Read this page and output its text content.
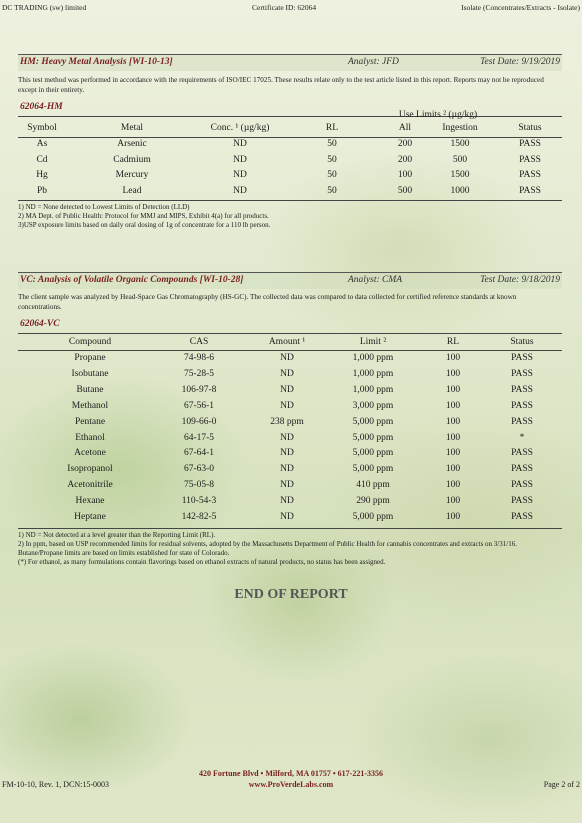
DC TRADING (sw) limited	Certificate ID: 62064	Isolate (Concentrates/Extracts - Isolate)
HM: Heavy Metal Analysis [WI-10-13]	Analyst: JFD	Test Date: 9/19/2019
This test method was performed in accordance with the requirements of ISO/IEC 17025. These results relate only to the test article listed in this report. Reports may not be reproduced except in their entirety.
62064-HM
Use Limits ² (µg/kg)
Symbol	Metal	Conc. ¹ (µg/kg)	RL	All	Ingestion	Status
As	Arsenic	ND	50	200	1500	PASS
Cd	Cadmium	ND	50	200	500	PASS
Hg	Mercury	ND	50	100	1500	PASS
Pb	Lead	ND	50	500	1000	PASS
1) ND = None detected to Lowest Limits of Detection (LLD)
2) MA Dept. of Public Health: Protocol for MMJ and MIPS, Exhibit 4(a) for all products.
3)USP exposure limits based on daily oral dosing of 1g of concentrate for a 110 lb person.
VC: Analysis of Volatile Organic Compounds [WI-10-28]	Analyst: CMA	Test Date: 9/18/2019
The client sample was analyzed by Head-Space Gas Chromatography (HS-GC). The collected data was compared to data collected for certified reference standards at known concentrations.
62064-VC
Compound	CAS	Amount ¹	Limit ²	RL	Status
Propane	74-98-6	ND	1,000 ppm	100	PASS
Isobutane	75-28-5	ND	1,000 ppm	100	PASS
Butane	106-97-8	ND	1,000 ppm	100	PASS
Methanol	67-56-1	ND	3,000 ppm	100	PASS
Pentane	109-66-0	238 ppm	5,000 ppm	100	PASS
Ethanol	64-17-5	ND	5,000 ppm	100	*
Acetone	67-64-1	ND	5,000 ppm	100	PASS
Isopropanol	67-63-0	ND	5,000 ppm	100	PASS
Acetonitrile	75-05-8	ND	410 ppm	100	PASS
Hexane	110-54-3	ND	290 ppm	100	PASS
Heptane	142-82-5	ND	5,000 ppm	100	PASS
1) ND = Not detected at a level greater than the Reporting Limit (RL).
2) In ppm, based on USP recommended limits for residual solvents, adopted by the Massachusetts Department of Public Health for cannabis concentrates and extracts on 3/31/16. Butane/Propane limits are based on limits established for state of Colorado.
(*) For ethanol, as many formulations contain flavorings based on ethanol extracts of natural products, no status has been assigned.
END OF REPORT
420 Fortune Blvd • Milford, MA 01757 • 617-221-3356
www.ProVerdeLabs.com
FM-10-10, Rev. 1, DCN:15-0003	Page 2 of 2
